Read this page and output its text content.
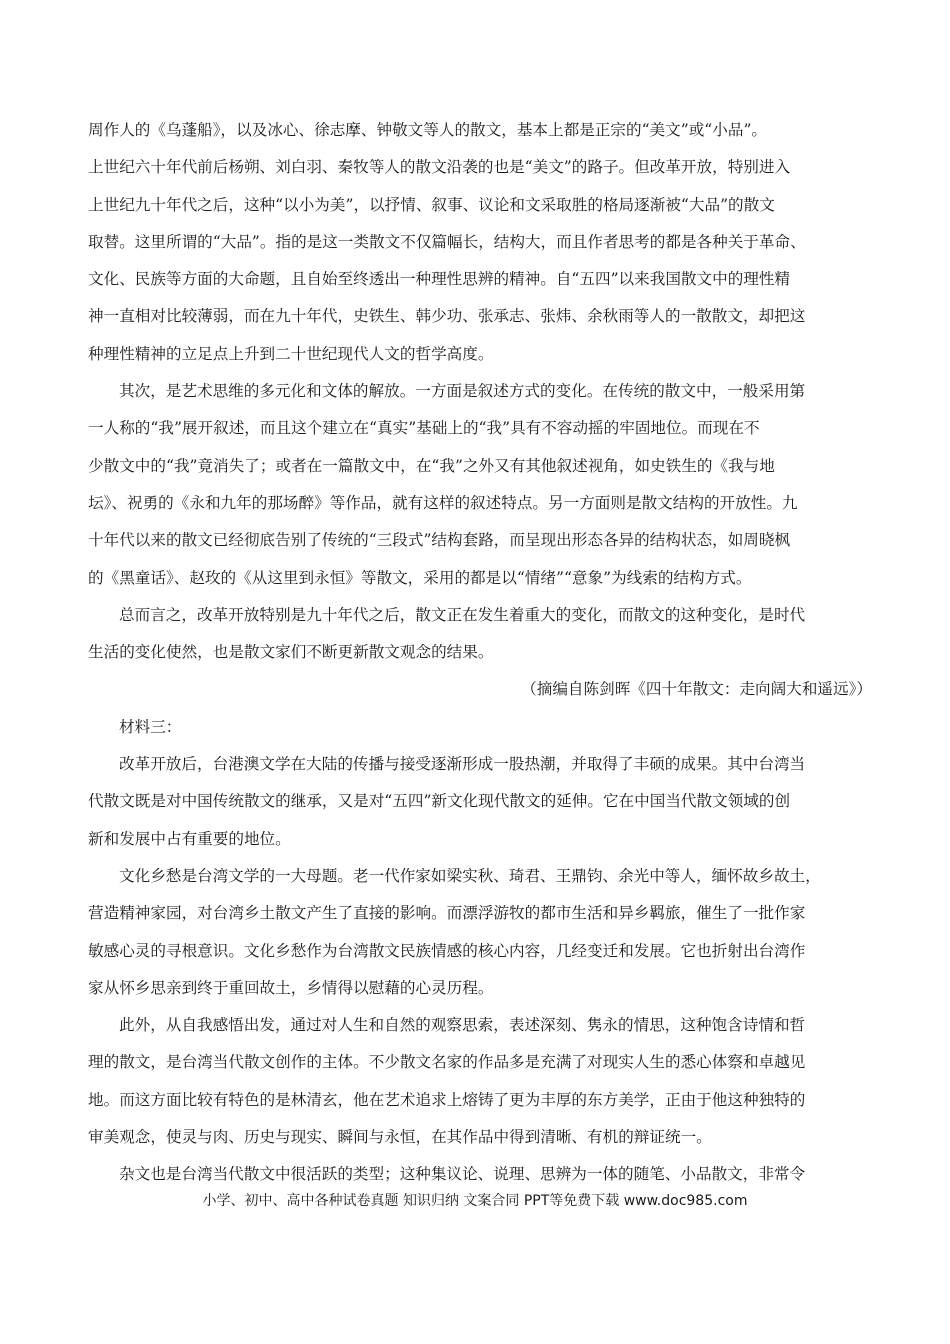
周作人的《乌蓬船》，以及冰心、徐志摩、钟敬文等人的散文，基本上都是正宗的“美文”或“小品”。
上世纪六十年代前后杨朔、刘白羽、秦牧等人的散文沿袭的也是“美文”的路子。但改革开放，特别进入
上世纪九十年代之后，这种“以小为美”，以抒情、叙事、议论和文采取胜的格局逐渐被“大品”的散文
取替。这里所谓的“大品”。指的是这一类散文不仅篇幅长，结构大，而且作者思考的都是各种关于革命、
文化、民族等方面的大命题，且自始至终透出一种理性思辨的精神。自“五四”以来我国散文中的理性精
神一直相对比较薄弱，而在九十年代，史铁生、韩少功、张承志、张炜、余秋雨等人的一散散文，却把这
种理性精神的立足点上升到二十世纪现代人文的哲学高度。
其次，是艺术思维的多元化和文体的解放。一方面是叙述方式的变化。在传统的散文中，一般采用第
一人称的“我”展开叙述，而且这个建立在“真实”基础上的“我”具有不容动摇的牢固地位。而现在不
少散文中的“我”竟消失了；或者在一篇散文中，在“我”之外又有其他叙述视角，如史铁生的《我与地
坛》、祝勇的《永和九年的那场醉》等作品，就有这样的叙述特点。另一方面则是散文结构的开放性。九
十年代以来的散文已经彻底告别了传统的“三段式”结构套路，而呈现出形态各异的结构状态，如周晓枫
的《黑童话》、赵玫的《从这里到永恒》等散文，采用的都是以“情绪”“意象”为线索的结构方式。
总而言之，改革开放特别是九十年代之后，散文正在发生着重大的变化，而散文的这种变化，是时代
生活的变化使然，也是散文家们不断更新散文观念的结果。
（摘编自陈剑晖《四十年散文：走向阔大和遥远》）
材料三：
改革开放后，台港澳文学在大陆的传播与接受逐渐形成一股热潮，并取得了丰硕的成果。其中台湾当
代散文既是对中国传统散文的继承，又是对“五四”新文化现代散文的延伸。它在中国当代散文领域的创
新和发展中占有重要的地位。
文化乡愁是台湾文学的一大母题。老一代作家如梁实秋、琦君、王鼎钧、余光中等人，缅怀故乡故土，
营造精神家园，对台湾乡土散文产生了直接的影响。而漂浮游牧的都市生活和异乡羁旅，催生了一批作家
敏感心灵的寻根意识。文化乡愁作为台湾散文民族情感的核心内容，几经变迁和发展。它也折射出台湾作
家从怀乡思亲到终于重回故土，乡情得以慰藉的心灵历程。
此外，从自我感悟出发，通过对人生和自然的观察思索，表述深刻、隽永的情思，这种饱含诗情和哲
理的散文，是台湾当代散文创作的主体。不少散文名家的作品多是充满了对现实人生的悉心体察和卓越见
地。而这方面比较有特色的是林清玄，他在艺术追求上熔铸了更为丰厚的东方美学，正由于他这种独特的
审美观念，使灵与肉、历史与现实、瞬间与永恒，在其作品中得到清晰、有机的辩证统一。
杂文也是台湾当代散文中很活跃的类型；这种集议论、说理、思辨为一体的随笔、小品散文，非常令
小学、初中、高中各种试卷真题 知识归纳 文案合同 PPT等免费下载 www.doc985.com
